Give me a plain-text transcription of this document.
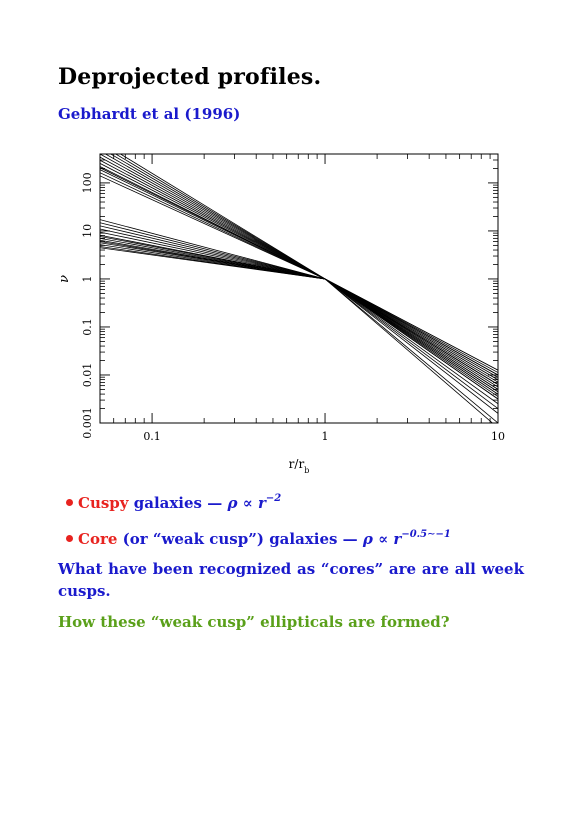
Deprojected profiles.
Gebhardt et al (1996)
0.1	1	10
0.001
0.01
0.1
1
10
100
$r/r_b$
ν
Cuspy galaxies — $\rho \propto r^{-2}$
Core (or “weak cusp”) galaxies — $\rho \propto r^{-0.5\sim-1}$

What have been recognized as “cores” are are all week cusps.

How these “weak cusp” ellipticals are formed?
